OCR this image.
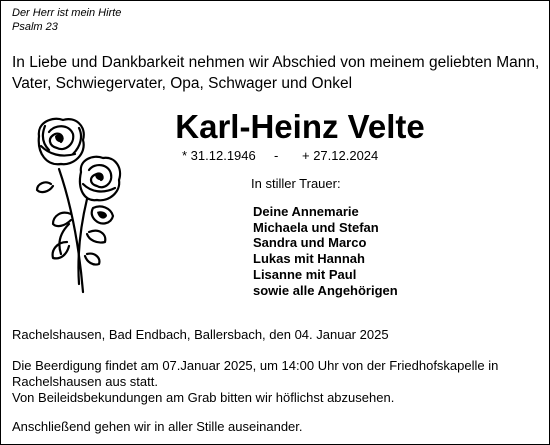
Der Herr ist mein Hirte
Psalm 23
In Liebe und Dankbarkeit nehmen wir Abschied von meinem geliebten Mann,
Vater, Schwiegervater, Opa, Schwager und Onkel
Karl-Heinz Velte
* 31.12.1946 - + 27.12.2024
In stiller Trauer:
Deine Annemarie
Michaela und Stefan
Sandra und Marco
Lukas mit Hannah
Lisanne mit Paul
sowie alle Angehörigen
Rachelshausen, Bad Endbach, Ballersbach, den 04. Januar 2025
Die Beerdigung findet am 07.Januar 2025, um 14:00 Uhr von der Friedhofskapelle in
Rachelshausen aus statt.
Von Beileidsbekundungen am Grab bitten wir höflichst abzusehen.
Anschließend gehen wir in aller Stille auseinander.
